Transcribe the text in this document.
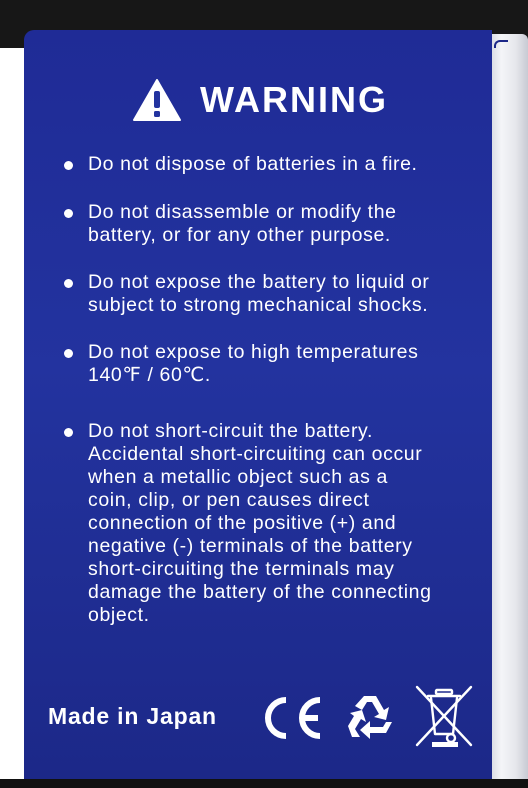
WARNING
Do not dispose of batteries in a fire.
Do not disassemble or modify the
battery, or for any other purpose.
Do not expose the battery to liquid or
subject to strong mechanical shocks.
Do not expose to high temperatures
140℉ / 60℃.
Do not short-circuit the battery.
Accidental short-circuiting can occur
when a metallic object such as a
coin, clip, or pen causes direct
connection of the positive (+) and
negative (-) terminals of the battery
short-circuiting the terminals may
damage the battery of the connecting
object.
Made in Japan
